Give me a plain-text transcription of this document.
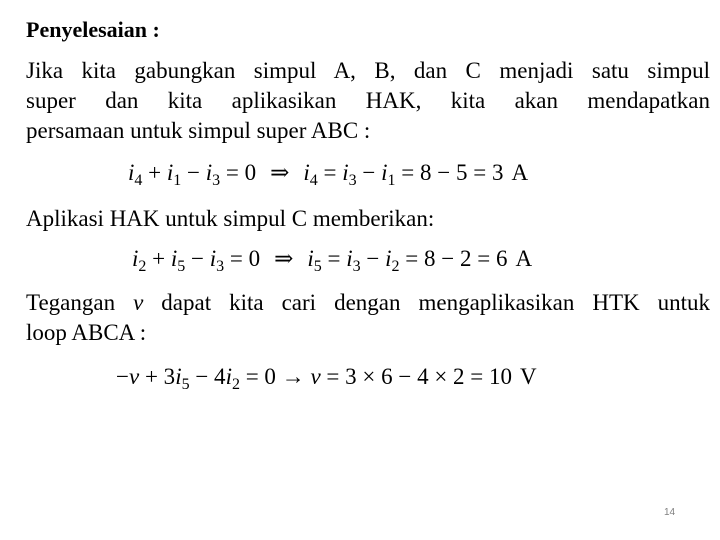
Penyelesaian :
Jika kita gabungkan simpul A, B, dan C menjadi satu simpul
super dan kita aplikasikan HAK, kita akan mendapatkan
persamaan untuk simpul super ABC :
$i_4 + i_1 - i_3 = 0$ ⇒ $i_4 = i_3 - i_1 = 8 - 5 = 3$ A
Aplikasi HAK untuk simpul C memberikan:
$i_2 + i_5 - i_3 = 0$ ⇒ $i_5 = i_3 - i_2 = 8 - 2 = 6$ A
Tegangan v dapat kita cari dengan mengaplikasikan HTK untuk
loop ABCA :
$-v + 3i_5 - 4i_2 = 0 \to v = 3 \times 6 - 4 \times 2 = 10$ V
14
